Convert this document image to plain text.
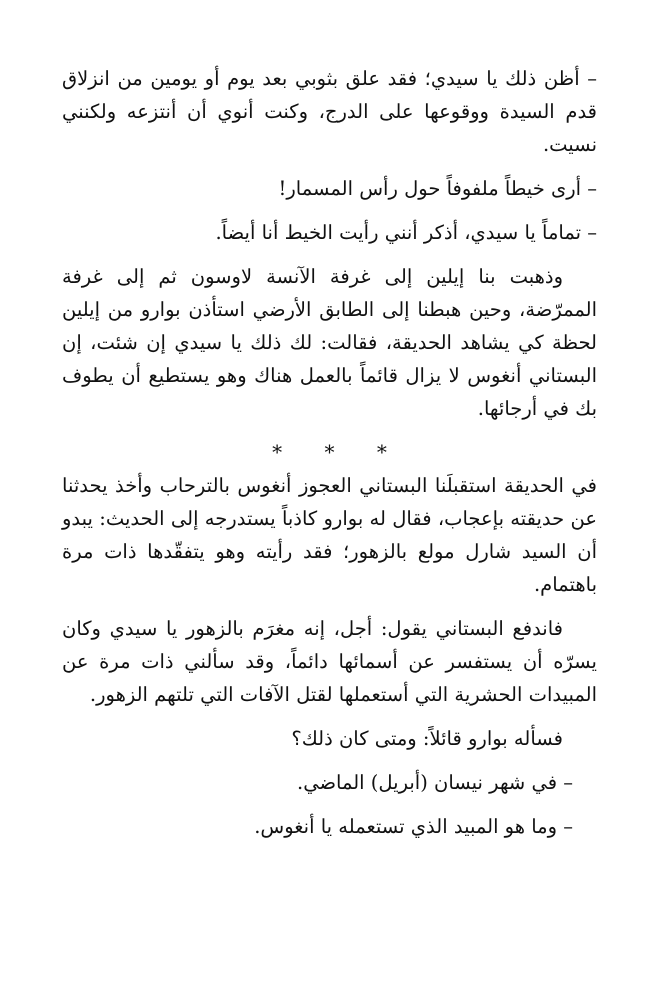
– أظن ذلك يا سيدي؛ فقد علق بثوبي بعد يوم أو يومين من انزلاق قدم السيدة ووقوعها على الدرج، وكنت أنوي أن أنتزعه ولكنني نسيت.

– أرى خيطاً ملفوفاً حول رأس المسمار!

– تماماً يا سيدي، أذكر أنني رأيت الخيط أنا أيضاً.

وذهبت بنا إيلين إلى غرفة الآنسة لاوسون ثم إلى غرفة الممرّضة، وحين هبطنا إلى الطابق الأرضي استأذن بوارو من إيلين لحظة كي يشاهد الحديقة، فقالت: لك ذلك يا سيدي إن شئت، إن البستاني أنغوس لا يزال قائماً بالعمل هناك وهو يستطيع أن يطوف بك في أرجائها.

* * *

في الحديقة استقبلَنا البستاني العجوز أنغوس بالترحاب وأخذ يحدثنا عن حديقته بإعجاب، فقال له بوارو كاذباً يستدرجه إلى الحديث: يبدو أن السيد شارل مولع بالزهور؛ فقد رأيته وهو يتفقّدها ذات مرة باهتمام.

فاندفع البستاني يقول: أجل، إنه مغرَم بالزهور يا سيدي وكان يسرّه أن يستفسر عن أسمائها دائماً، وقد سألني ذات مرة عن المبيدات الحشرية التي أستعملها لقتل الآفات التي تلتهم الزهور.

فسأله بوارو قائلاً: ومتى كان ذلك؟

– في شهر نيسان (أبريل) الماضي.

– وما هو المبيد الذي تستعمله يا أنغوس.
